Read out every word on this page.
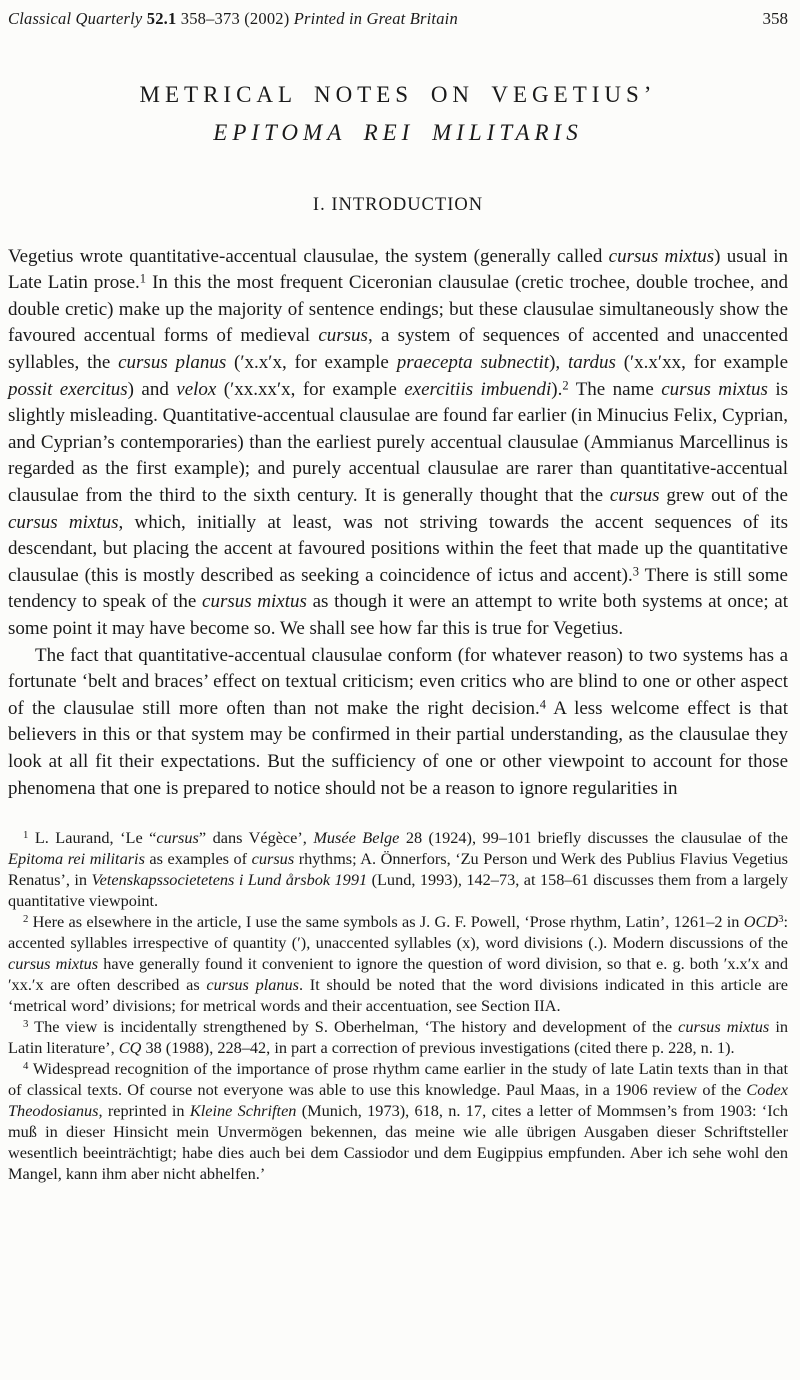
Classical Quarterly 52.1 358–373 (2002) Printed in Great Britain	358
METRICAL NOTES ON VEGETIUS’
EPITOMA REI MILITARIS
I. INTRODUCTION

Vegetius wrote quantitative-accentual clausulae, the system (generally called cursus mixtus) usual in Late Latin prose.$^1$ In this the most frequent Ciceronian clausulae (cretic trochee, double trochee, and double cretic) make up the majority of sentence endings; but these clausulae simultaneously show the favoured accentual forms of medieval cursus, a system of sequences of accented and unaccented syllables, the cursus planus (′x.x′x, for example praecepta subnectit), tardus (′x.x′xx, for example possit exercitus) and velox (′xx.xx′x, for example exercitiis imbuendi).$^2$ The name cursus mixtus is slightly misleading. Quantitative-accentual clausulae are found far earlier (in Minucius Felix, Cyprian, and Cyprian’s contemporaries) than the earliest purely accentual clausulae (Ammianus Marcellinus is regarded as the first example); and purely accentual clausulae are rarer than quantitative-accentual clausulae from the third to the sixth century. It is generally thought that the cursus grew out of the cursus mixtus, which, initially at least, was not striving towards the accent sequences of its descendant, but placing the accent at favoured positions within the feet that made up the quantitative clausulae (this is mostly described as seeking a coincidence of ictus and accent).$^3$ There is still some tendency to speak of the cursus mixtus as though it were an attempt to write both systems at once; at some point it may have become so. We shall see how far this is true for Vegetius.

The fact that quantitative-accentual clausulae conform (for whatever reason) to two systems has a fortunate ‘belt and braces’ effect on textual criticism; even critics who are blind to one or other aspect of the clausulae still more often than not make the right decision.$^4$ A less welcome effect is that believers in this or that system may be confirmed in their partial understanding, as the clausulae they look at all fit their expectations. But the sufficiency of one or other viewpoint to account for those phenomena that one is prepared to notice should not be a reason to ignore regularities in

$^1$ L. Laurand, ‘Le “cursus” dans Végèce’, Musée Belge 28 (1924), 99–101 briefly discusses the clausulae of the Epitoma rei militaris as examples of cursus rhythms; A. Önnerfors, ‘Zu Person und Werk des Publius Flavius Vegetius Renatus’, in Vetenskapssocietetens i Lund årsbok 1991 (Lund, 1993), 142–73, at 158–61 discusses them from a largely quantitative viewpoint.

$^2$ Here as elsewhere in the article, I use the same symbols as J. G. F. Powell, ‘Prose rhythm, Latin’, 1261–2 in OCD$^3$: accented syllables irrespective of quantity (′), unaccented syllables (x), word divisions (.). Modern discussions of the cursus mixtus have generally found it convenient to ignore the question of word division, so that e. g. both ′x.x′x and ′xx.′x are often described as cursus planus. It should be noted that the word divisions indicated in this article are ‘metrical word’ divisions; for metrical words and their accentuation, see Section IIA.

$^3$ The view is incidentally strengthened by S. Oberhelman, ‘The history and development of the cursus mixtus in Latin literature’, CQ 38 (1988), 228–42, in part a correction of previous investigations (cited there p. 228, n. 1).

$^4$ Widespread recognition of the importance of prose rhythm came earlier in the study of late Latin texts than in that of classical texts. Of course not everyone was able to use this knowledge. Paul Maas, in a 1906 review of the Codex Theodosianus, reprinted in Kleine Schriften (Munich, 1973), 618, n. 17, cites a letter of Mommsen’s from 1903: ‘Ich muß in dieser Hinsicht mein Unvermögen bekennen, das meine wie alle übrigen Ausgaben dieser Schriftsteller wesentlich beeinträchtigt; habe dies auch bei dem Cassiodor und dem Eugippius empfunden. Aber ich sehe wohl den Mangel, kann ihm aber nicht abhelfen.’
